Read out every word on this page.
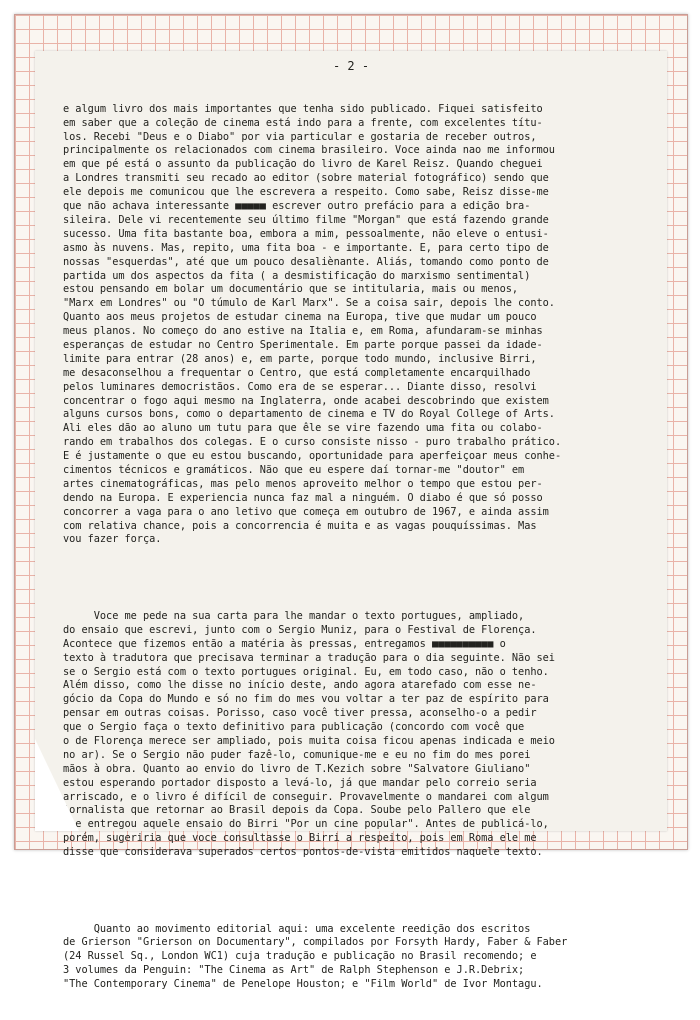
- 2 -

e algum livro dos mais importantes que tenha sido publicado. Fiquei satisfeito
em saber que a coleção de cinema está indo para a frente, com excelentes títu-
los. Recebi "Deus e o Diabo" por via particular e gostaria de receber outros,
principalmente os relacionados com cinema brasileiro. Voce ainda nao me informou
em que pé está o assunto da publicação do livro de Karel Reisz. Quando cheguei
a Londres transmiti seu recado ao editor (sobre material fotográfico) sendo que
ele depois me comunicou que lhe escrevera a respeito. Como sabe, Reisz disse-me
que não achava interessante ■■■■■ escrever outro prefácio para a edição bra-
sileira. Dele vi recentemente seu último filme "Morgan" que está fazendo grande
sucesso. Uma fita bastante boa, embora a mim, pessoalmente, não eleve o entusi-
asmo às nuvens. Mas, repito, uma fita boa - e importante. E, para certo tipo de
nossas "esquerdas", até que um pouco desaliènante. Aliás, tomando como ponto de
partida um dos aspectos da fita ( a desmistificação do marxismo sentimental)
estou pensando em bolar um documentário que se intitularia, mais ou menos,
"Marx em Londres" ou "O túmulo de Karl Marx". Se a coisa sair, depois lhe conto.
Quanto aos meus projetos de estudar cinema na Europa, tive que mudar um pouco
meus planos. No começo do ano estive na Italia e, em Roma, afundaram-se minhas
esperanças de estudar no Centro Sperimentale. Em parte porque passei da idade-
limite para entrar (28 anos) e, em parte, porque todo mundo, inclusive Birri,
me desaconselhou a frequentar o Centro, que está completamente encarquilhado
pelos luminares democristãos. Como era de se esperar... Diante disso, resolvi
concentrar o fogo aqui mesmo na Inglaterra, onde acabei descobrindo que existem
alguns cursos bons, como o departamento de cinema e TV do Royal College of Arts.
Ali eles dão ao aluno um tutu para que êle se vire fazendo uma fita ou colabo-
rando em trabalhos dos colegas. E o curso consiste nisso - puro trabalho prático.
E é justamente o que eu estou buscando, oportunidade para aperfeiçoar meus conhe-
cimentos técnicos e gramáticos. Não que eu espere daí tornar-me "doutor" em
artes cinematográficas, mas pelo menos aproveito melhor o tempo que estou per-
dendo na Europa. E experiencia nunca faz mal a ninguém. O diabo é que só posso
concorrer a vaga para o ano letivo que começa em outubro de 1967, e ainda assim
com relativa chance, pois a concorrencia é muita e as vagas pouquíssimas. Mas
vou fazer força.

Voce me pede na sua carta para lhe mandar o texto portugues, ampliado,
do ensaio que escrevi, junto com o Sergio Muniz, para o Festival de Florença.
Acontece que fizemos então a matéria às pressas, entregamos ■■■■■■■■■■ o
texto à tradutora que precisava terminar a tradução para o dia seguinte. Não sei
se o Sergio está com o texto portugues original. Eu, em todo caso, não o tenho.
Além disso, como lhe disse no início deste, ando agora atarefado com esse ne-
gócio da Copa do Mundo e só no fim do mes vou voltar a ter paz de espírito para
pensar em outras coisas. Porisso, caso você tiver pressa, aconselho-o a pedir
que o Sergio faça o texto definitivo para publicação (concordo com você que
o de Florença merece ser ampliado, pois muita coisa ficou apenas indicada e meio
no ar). Se o Sergio não puder fazê-lo, comunique-me e eu no fim do mes porei
mãos à obra. Quanto ao envio do livro de T.Kezich sobre "Salvatore Giuliano"
estou esperando portador disposto a levá-lo, já que mandar pelo correio seria
arriscado, e o livro é difícil de conseguir. Provavelmente o mandarei com algum
jornalista que retornar ao Brasil depois da Copa. Soube pelo Pallero que ele
lhe entregou aquele ensaio do Birri "Por un cine popular". Antes de publicá-lo,
porém, sugeriria que voce consultasse o Birri a respeito, pois em Roma ele me
disse que considerava superados certos pontos-de-vista emitidos naquele texto.

Quanto ao movimento editorial aqui: uma excelente reedição dos escritos
de Grierson "Grierson on Documentary", compilados por Forsyth Hardy, Faber & Faber
(24 Russel Sq., London WC1) cuja tradução e publicação no Brasil recomendo; e
3 volumes da Penguin: "The Cinema as Art" de Ralph Stephenson e J.R.Debrix;
"The Contemporary Cinema" de Penelope Houston; e "Film World" de Ivor Montagu.
